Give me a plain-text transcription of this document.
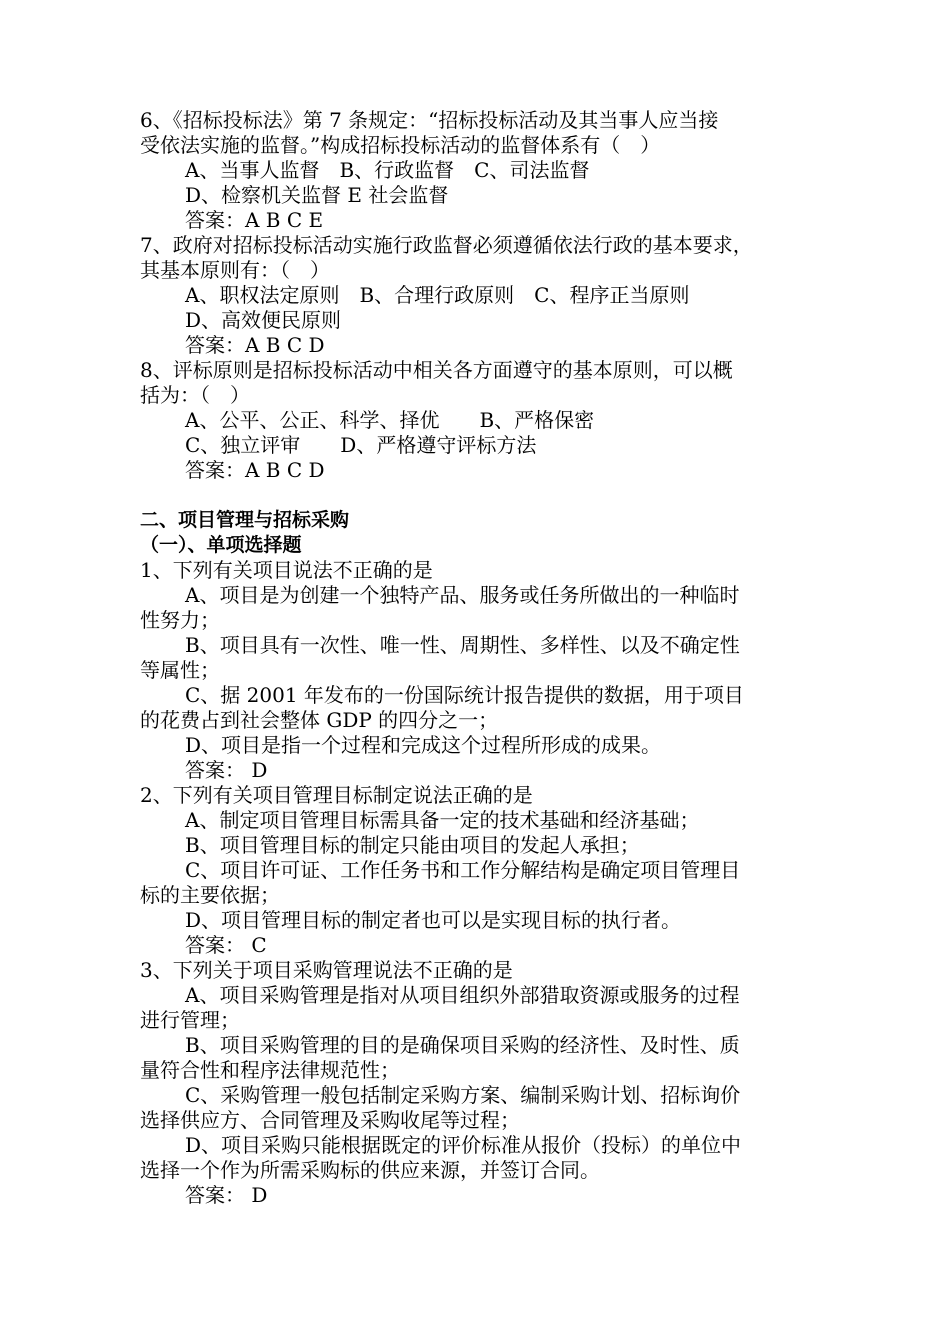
6、《招标投标法》第 7 条规定：“招标投标活动及其当事人应当接
受依法实施的监督。”构成招标投标活动的监督体系有（　）
A、当事人监督　B、行政监督　C、司法监督
D、检察机关监督 E 社会监督
答案：A B C E
7、政府对招标投标活动实施行政监督必须遵循依法行政的基本要求，
其基本原则有：（　）
A、职权法定原则　B、合理行政原则　C、程序正当原则
D、高效便民原则
答案：A B C D
8、评标原则是招标投标活动中相关各方面遵守的基本原则，可以概
括为：（　）
A、公平、公正、科学、择优　　B、严格保密
C、独立评审　　D、严格遵守评标方法
答案：A B C D
二、项目管理与招标采购
（一）、单项选择题
1、下列有关项目说法不正确的是
A、项目是为创建一个独特产品、服务或任务所做出的一种临时
性努力；
B、项目具有一次性、唯一性、周期性、多样性、以及不确定性
等属性；
C、据 2001 年发布的一份国际统计报告提供的数据，用于项目
的花费占到社会整体 GDP 的四分之一；
D、项目是指一个过程和完成这个过程所形成的成果。
答案： D
2、下列有关项目管理目标制定说法正确的是
A、制定项目管理目标需具备一定的技术基础和经济基础；
B、项目管理目标的制定只能由项目的发起人承担；
C、项目许可证、工作任务书和工作分解结构是确定项目管理目
标的主要依据；
D、项目管理目标的制定者也可以是实现目标的执行者。
答案： C
3、下列关于项目采购管理说法不正确的是
A、项目采购管理是指对从项目组织外部猎取资源或服务的过程
进行管理；
B、项目采购管理的目的是确保项目采购的经济性、及时性、质
量符合性和程序法律规范性；
C、采购管理一般包括制定采购方案、编制采购计划、招标询价
选择供应方、合同管理及采购收尾等过程；
D、项目采购只能根据既定的评价标准从报价（投标）的单位中
选择一个作为所需采购标的供应来源，并签订合同。
答案： D
